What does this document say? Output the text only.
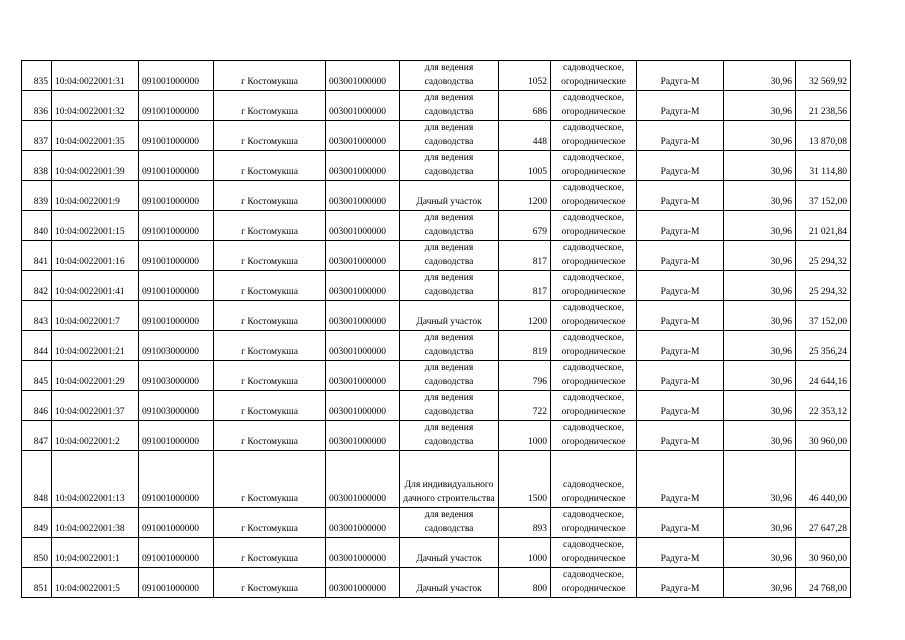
835	10:04:0022001:31	091001000000	г Костомукша	003001000000	для ведения садоводства	1052	садоводческое, огороднические	Радуга-М	30,96	32 569,92
836	10:04:0022001:32	091001000000	г Костомукша	003001000000	для ведения садоводства	686	садоводческое, огородническое	Радуга-М	30,96	21 238,56
837	10:04:0022001:35	091001000000	г Костомукша	003001000000	для ведения садоводства	448	садоводческое, огородническое	Радуга-М	30,96	13 870,08
838	10:04:0022001:39	091001000000	г Костомукша	003001000000	для ведения садоводства	1005	садоводческое, огородническое	Радуга-М	30,96	31 114,80
839	10:04:0022001:9	091001000000	г Костомукша	003001000000	Дачный участок	1200	садоводческое, огородническое	Радуга-М	30,96	37 152,00
840	10:04:0022001:15	091001000000	г Костомукша	003001000000	для ведения садоводства	679	садоводческое, огородническое	Радуга-М	30,96	21 021,84
841	10:04:0022001:16	091001000000	г Костомукша	003001000000	для ведения садоводства	817	садоводческое, огородническое	Радуга-М	30,96	25 294,32
842	10:04:0022001:41	091001000000	г Костомукша	003001000000	для ведения садоводства	817	садоводческое, огородническое	Радуга-М	30,96	25 294,32
843	10:04:0022001:7	091001000000	г Костомукша	003001000000	Дачный участок	1200	садоводческое, огородническое	Радуга-М	30,96	37 152,00
844	10:04:0022001:21	091003000000	г Костомукша	003001000000	для ведения садоводства	819	садоводческое, огородническое	Радуга-М	30,96	25 356,24
845	10:04:0022001:29	091003000000	г Костомукша	003001000000	для ведения садоводства	796	садоводческое, огородническое	Радуга-М	30,96	24 644,16
846	10:04:0022001:37	091003000000	г Костомукша	003001000000	для ведения садоводства	722	садоводческое, огородническое	Радуга-М	30,96	22 353,12
847	10:04:0022001:2	091001000000	г Костомукша	003001000000	для ведения садоводства	1000	садоводческое, огородническое	Радуга-М	30,96	30 960,00
848	10:04:0022001:13	091001000000	г Костомукша	003001000000	Для индивидуального дачного строительства	1500	садоводческое, огородническое	Радуга-М	30,96	46 440,00
849	10:04:0022001:38	091001000000	г Костомукша	003001000000	для ведения садоводства	893	садоводческое, огородническое	Радуга-М	30,96	27 647,28
850	10:04:0022001:1	091001000000	г Костомукша	003001000000	Дачный участок	1000	садоводческое, огородническое	Радуга-М	30,96	30 960,00
851	10:04:0022001:5	091001000000	г Костомукша	003001000000	Дачный участок	800	садоводческое, огородническое	Радуга-М	30,96	24 768,00
